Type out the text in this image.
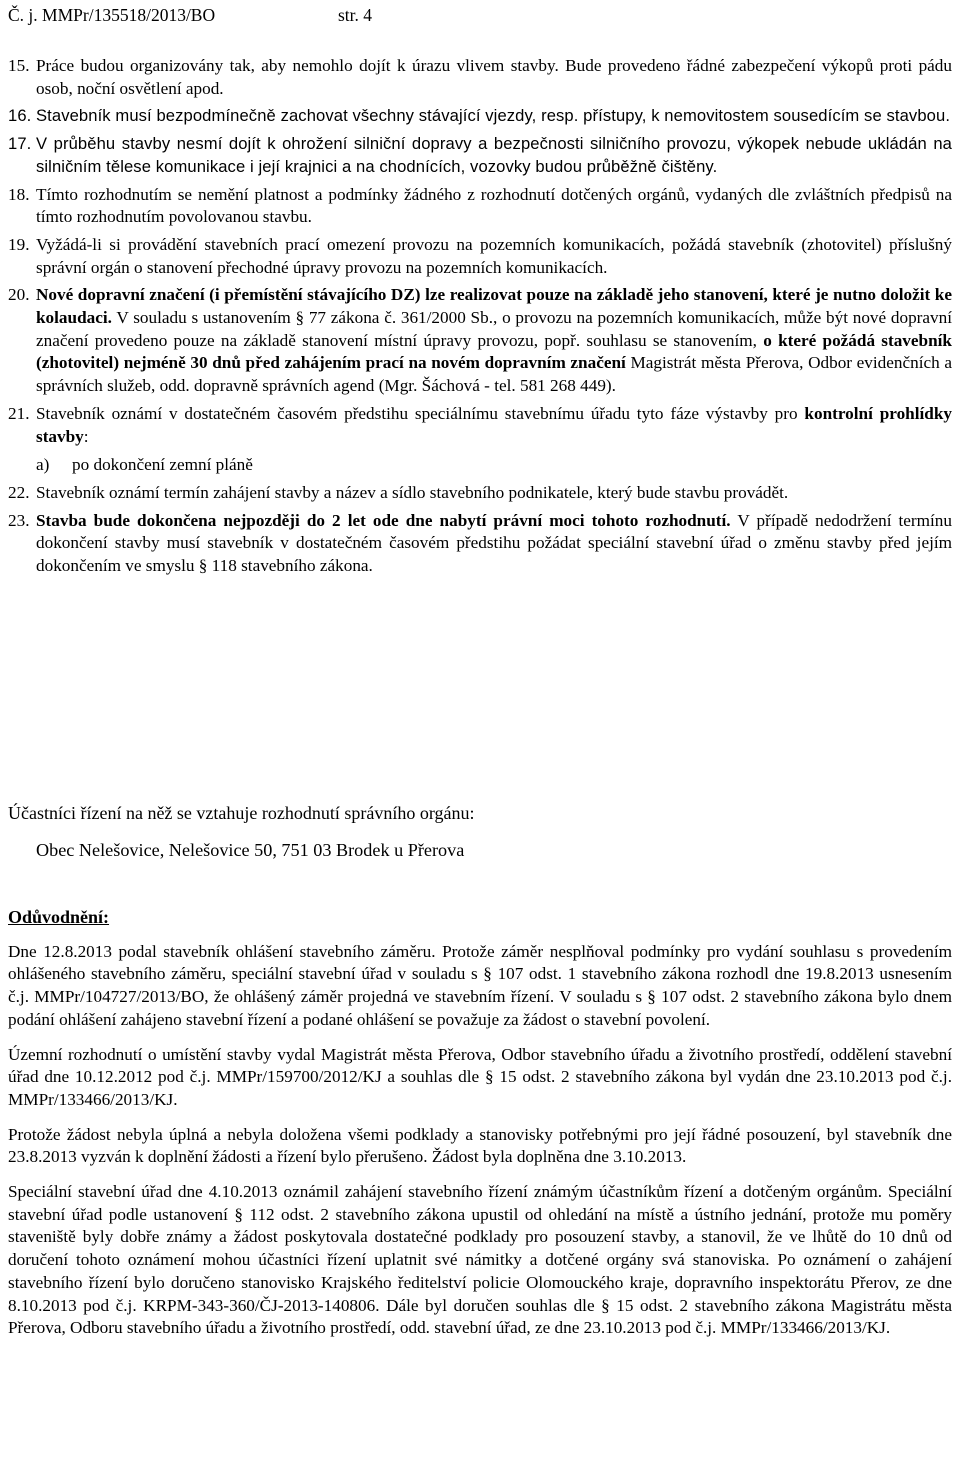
Č. j. MMPr/135518/2013/BO	str. 4
15. Práce budou organizovány tak, aby nemohlo dojít k úrazu vlivem stavby. Bude provedeno řádné zabezpečení výkopů proti pádu osob, noční osvětlení apod.
16. Stavebník musí bezpodmínečně zachovat všechny stávající vjezdy, resp. přístupy, k nemovitostem sousedícím se stavbou.
17. V průběhu stavby nesmí dojít k ohrožení silniční dopravy a bezpečnosti silničního provozu, výkopek nebude ukládán na silničním tělese komunikace i její krajnici a na chodnících, vozovky budou průběžně čištěny.
18. Tímto rozhodnutím se nemění platnost a podmínky žádného z rozhodnutí dotčených orgánů, vydaných dle zvláštních předpisů na tímto rozhodnutím povolovanou stavbu.
19. Vyžádá-li si provádění stavebních prací omezení provozu na pozemních komunikacích, požádá stavebník (zhotovitel) příslušný správní orgán o stanovení přechodné úpravy provozu na pozemních komunikacích.
20. Nové dopravní značení (i přemístění stávajícího DZ) lze realizovat pouze na základě jeho stanovení, které je nutno doložit ke kolaudaci. V souladu s ustanovením § 77 zákona č. 361/2000 Sb., o provozu na pozemních komunikacích, může být nové dopravní značení provedeno pouze na základě stanovení místní úpravy provozu, popř. souhlasu se stanovením, o které požádá stavebník (zhotovitel) nejméně 30 dnů před zahájením prací na novém dopravním značení Magistrát města Přerova, Odbor evidenčních a správních služeb, odd. dopravně správních agend (Mgr. Šáchová - tel. 581 268 449).
21. Stavebník oznámí v dostatečném časovém předstihu speciálnímu stavebnímu úřadu tyto fáze výstavby pro kontrolní prohlídky stavby:
a) po dokončení zemní pláně
22. Stavebník oznámí termín zahájení stavby a název a sídlo stavebního podnikatele, který bude stavbu provádět.
23. Stavba bude dokončena nejpozději do 2 let ode dne nabytí právní moci tohoto rozhodnutí. V případě nedodržení termínu dokončení stavby musí stavebník v dostatečném časovém předstihu požádat speciální stavební úřad o změnu stavby před jejím dokončením ve smyslu § 118 stavebního zákona.
Účastníci řízení na něž se vztahuje rozhodnutí správního orgánu:
Obec Nelešovice, Nelešovice 50, 751 03 Brodek u Přerova
Odůvodnění:

Dne 12.8.2013 podal stavebník ohlášení stavebního záměru. Protože záměr nesplňoval podmínky pro vydání souhlasu s provedením ohlášeného stavebního záměru, speciální stavební úřad v souladu s § 107 odst. 1 stavebního zákona rozhodl dne 19.8.2013 usnesením č.j. MMPr/104727/2013/BO, že ohlášený záměr projedná ve stavebním řízení. V souladu s § 107 odst. 2 stavebního zákona bylo dnem podání ohlášení zahájeno stavební řízení a podané ohlášení se považuje za žádost o stavební povolení.

Územní rozhodnutí o umístění stavby vydal Magistrát města Přerova, Odbor stavebního úřadu a životního prostředí, oddělení stavební úřad dne 10.12.2012 pod č.j. MMPr/159700/2012/KJ a souhlas dle § 15 odst. 2 stavebního zákona byl vydán dne 23.10.2013 pod č.j. MMPr/133466/2013/KJ.

Protože žádost nebyla úplná a nebyla doložena všemi podklady a stanovisky potřebnými pro její řádné posouzení, byl stavebník dne 23.8.2013 vyzván k doplnění žádosti a řízení bylo přerušeno. Žádost byla doplněna dne 3.10.2013.

Speciální stavební úřad dne 4.10.2013 oznámil zahájení stavebního řízení známým účastníkům řízení a dotčeným orgánům. Speciální stavební úřad podle ustanovení § 112 odst. 2 stavebního zákona upustil od ohledání na místě a ústního jednání, protože mu poměry staveniště byly dobře známy a žádost poskytovala dostatečné podklady pro posouzení stavby, a stanovil, že ve lhůtě do 10 dnů od doručení tohoto oznámení mohou účastníci řízení uplatnit své námitky a dotčené orgány svá stanoviska. Po oznámení o zahájení stavebního řízení bylo doručeno stanovisko Krajského ředitelství policie Olomouckého kraje, dopravního inspektorátu Přerov, ze dne 8.10.2013 pod č.j. KRPM-343-360/ČJ-2013-140806. Dále byl doručen souhlas dle § 15 odst. 2 stavebního zákona Magistrátu města Přerova, Odboru stavebního úřadu a životního prostředí, odd. stavební úřad, ze dne 23.10.2013 pod č.j. MMPr/133466/2013/KJ.
